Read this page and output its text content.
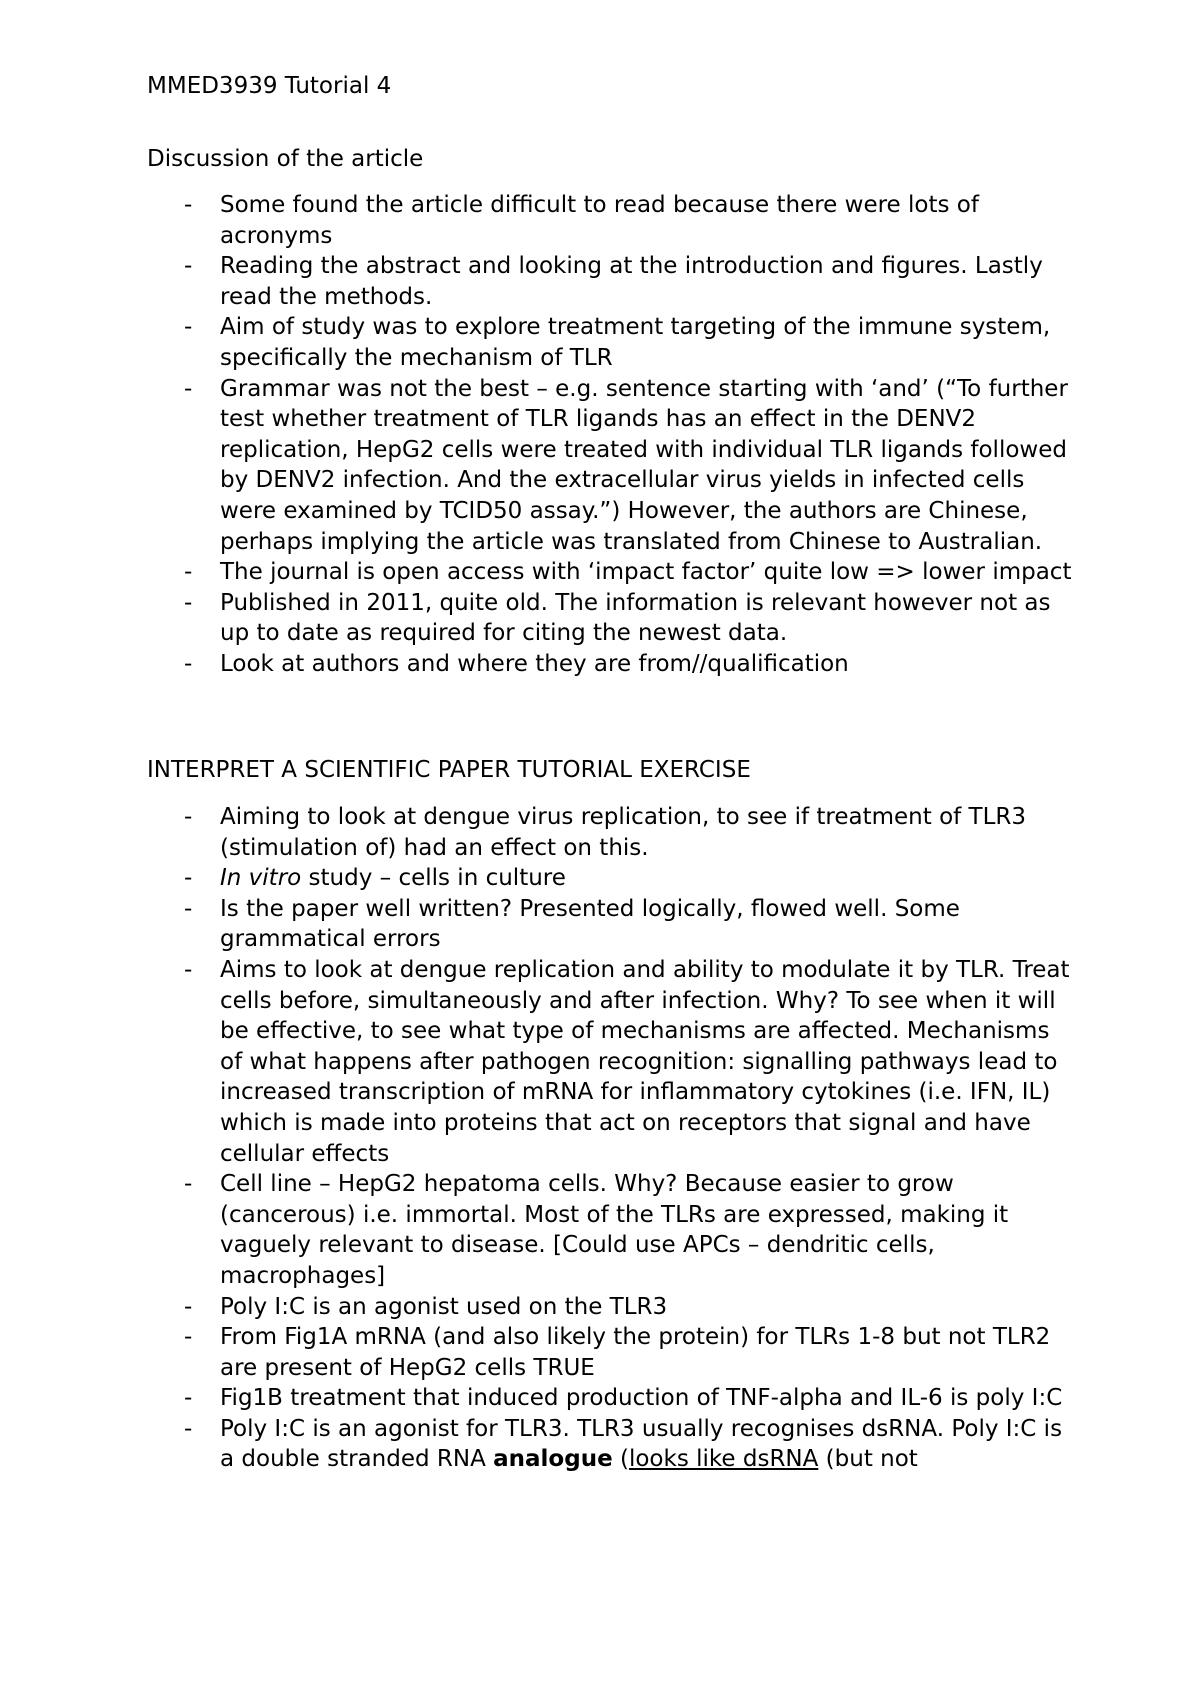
MMED3939 Tutorial 4
Discussion of the article
- Some found the article difficult to read because there were lots of acronyms
- Reading the abstract and looking at the introduction and figures. Lastly read the methods.
- Aim of study was to explore treatment targeting of the immune system, specifically the mechanism of TLR
- Grammar was not the best – e.g. sentence starting with ‘and’ (“To further test whether treatment of TLR ligands has an effect in the DENV2 replication, HepG2 cells were treated with individual TLR ligands followed by DENV2 infection. And the extracellular virus yields in infected cells were examined by TCID50 assay.”) However, the authors are Chinese, perhaps implying the article was translated from Chinese to Australian.
- The journal is open access with ‘impact factor’ quite low => lower impact
- Published in 2011, quite old. The information is relevant however not as up to date as required for citing the newest data.
- Look at authors and where they are from//qualification
INTERPRET A SCIENTIFIC PAPER TUTORIAL EXERCISE
- Aiming to look at dengue virus replication, to see if treatment of TLR3 (stimulation of) had an effect on this.
- In vitro study – cells in culture
- Is the paper well written? Presented logically, flowed well. Some grammatical errors
- Aims to look at dengue replication and ability to modulate it by TLR. Treat cells before, simultaneously and after infection. Why? To see when it will be effective, to see what type of mechanisms are affected. Mechanisms of what happens after pathogen recognition: signalling pathways lead to increased transcription of mRNA for inflammatory cytokines (i.e. IFN, IL) which is made into proteins that act on receptors that signal and have cellular effects
- Cell line – HepG2 hepatoma cells. Why? Because easier to grow (cancerous) i.e. immortal. Most of the TLRs are expressed, making it vaguely relevant to disease. [Could use APCs – dendritic cells, macrophages]
- Poly I:C is an agonist used on the TLR3
- From Fig1A mRNA (and also likely the protein) for TLRs 1-8 but not TLR2 are present of HepG2 cells TRUE
- Fig1B treatment that induced production of TNF-alpha and IL-6 is poly I:C
- Poly I:C is an agonist for TLR3. TLR3 usually recognises dsRNA. Poly I:C is a double stranded RNA analogue (looks like dsRNA (but not
